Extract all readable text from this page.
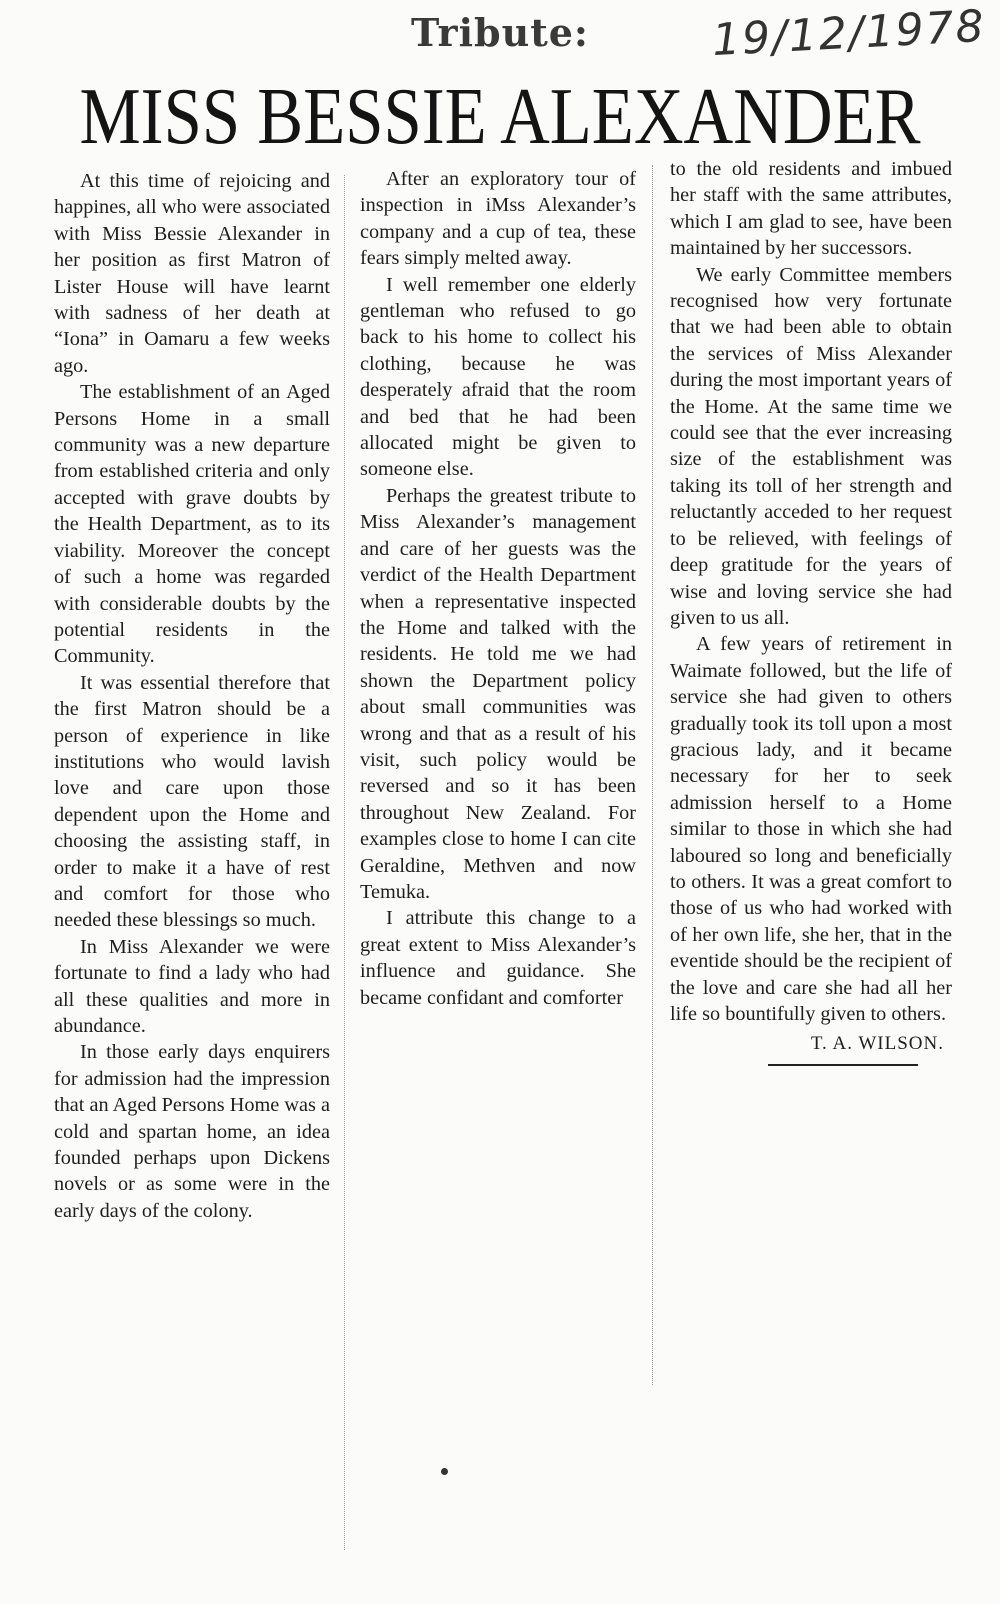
Tribute:	19/12/1978
MISS BESSIE ALEXANDER

At this time of rejoicing and happines, all who were associated with Miss Bessie Alexander in her position as first Matron of Lister House will have learnt with sadness of her death at “Iona” in Oamaru a few weeks ago.

The establishment of an Aged Persons Home in a small community was a new departure from established criteria and only accepted with grave doubts by the Health Department, as to its viability. Moreover the concept of such a home was regarded with considerable doubts by the potential residents in the Community.

It was essential therefore that the first Matron should be a person of experience in like institutions who would lavish love and care upon those dependent upon the Home and choosing the assisting staff, in order to make it a have of rest and comfort for those who needed these blessings so much.

In Miss Alexander we were fortunate to find a lady who had all these qualities and more in abundance.

In those early days enquirers for admission had the impression that an Aged Persons Home was a cold and spartan home, an idea founded perhaps upon Dickens novels or as some were in the early days of the colony.

After an exploratory tour of inspection in iMss Alexander’s company and a cup of tea, these fears simply melted away.

I well remember one elderly gentleman who refused to go back to his home to collect his clothing, because he was desperately afraid that the room and bed that he had been allocated might be given to someone else.

Perhaps the greatest tribute to Miss Alexander’s management and care of her guests was the verdict of the Health Department when a representative inspected the Home and talked with the residents. He told me we had shown the Department policy about small communities was wrong and that as a result of his visit, such policy would be reversed and so it has been throughout New Zealand. For examples close to home I can cite Geraldine, Methven and now Temuka.

I attribute this change to a great extent to Miss Alexander’s influence and guidance. She became confidant and comforter

to the old residents and imbued her staff with the same attributes, which I am glad to see, have been maintained by her successors.

We early Committee members recognised how very fortunate that we had been able to obtain the services of Miss Alexander during the most important years of the Home. At the same time we could see that the ever increasing size of the establishment was taking its toll of her strength and reluctantly acceded to her request to be relieved, with feelings of deep gratitude for the years of wise and loving service she had given to us all.

A few years of retirement in Waimate followed, but the life of service she had given to others gradually took its toll upon a most gracious lady, and it became necessary for her to seek admission herself to a Home similar to those in which she had laboured so long and beneficially to others. It was a great comfort to those of us who had worked with of her own life, she her, that in the eventide should be the recipient of the love and care she had all her life so bountifully given to others.

T. A. WILSON.
